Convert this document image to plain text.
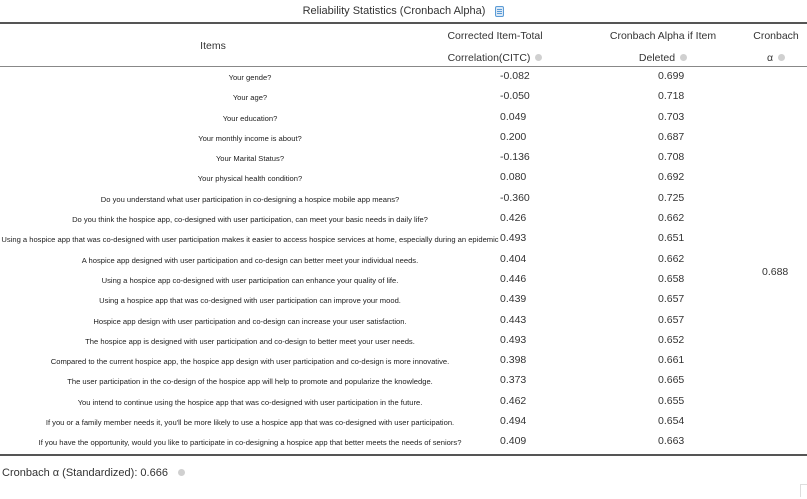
Reliability Statistics (Cronbach Alpha)
Items
Corrected Item-Total
Correlation(CITC)
Cronbach Alpha if Item
Deleted
Cronbach
α
0.688
Your gende?	-0.082	0.699
Your age?	-0.050	0.718
Your education?	0.049	0.703
Your monthly income is about?	0.200	0.687
Your Marital Status?	-0.136	0.708
Your physical health condition?	0.080	0.692
Do you understand what user participation in co-designing a hospice mobile app means?	-0.360	0.725
Do you think the hospice app, co-designed with user participation, can meet your basic needs in daily life?	0.426	0.662
Using a hospice app that was co-designed with user participation makes it easier to access hospice services at home, especially during an epidemic 0.493	0.651
A hospice app designed with user participation and co-design can better meet your individual needs.	0.404	0.662
Using a hospice app co-designed with user participation can enhance your quality of life.	0.446	0.658
Using a hospice app that was co-designed with user participation can improve your mood.	0.439	0.657
Hospice app design with user participation and co-design can increase your user satisfaction.	0.443	0.657
The hospice app is designed with user participation and co-design to better meet your user needs.	0.493	0.652
Compared to the current hospice app, the hospice app design with user participation and co-design is more innovative.	0.398	0.661
The user participation in the co-design of the hospice app will help to promote and popularize the knowledge.	0.373	0.665
You intend to continue using the hospice app that was co-designed with user participation in the future.	0.462	0.655
If you or a family member needs it, you'll be more likely to use a hospice app that was co-designed with user participation.	0.494	0.654
If you have the opportunity, would you like to participate in co-designing a hospice app that better meets the needs of seniors?	0.409	0.663
Cronbach α (Standardized): 0.666
